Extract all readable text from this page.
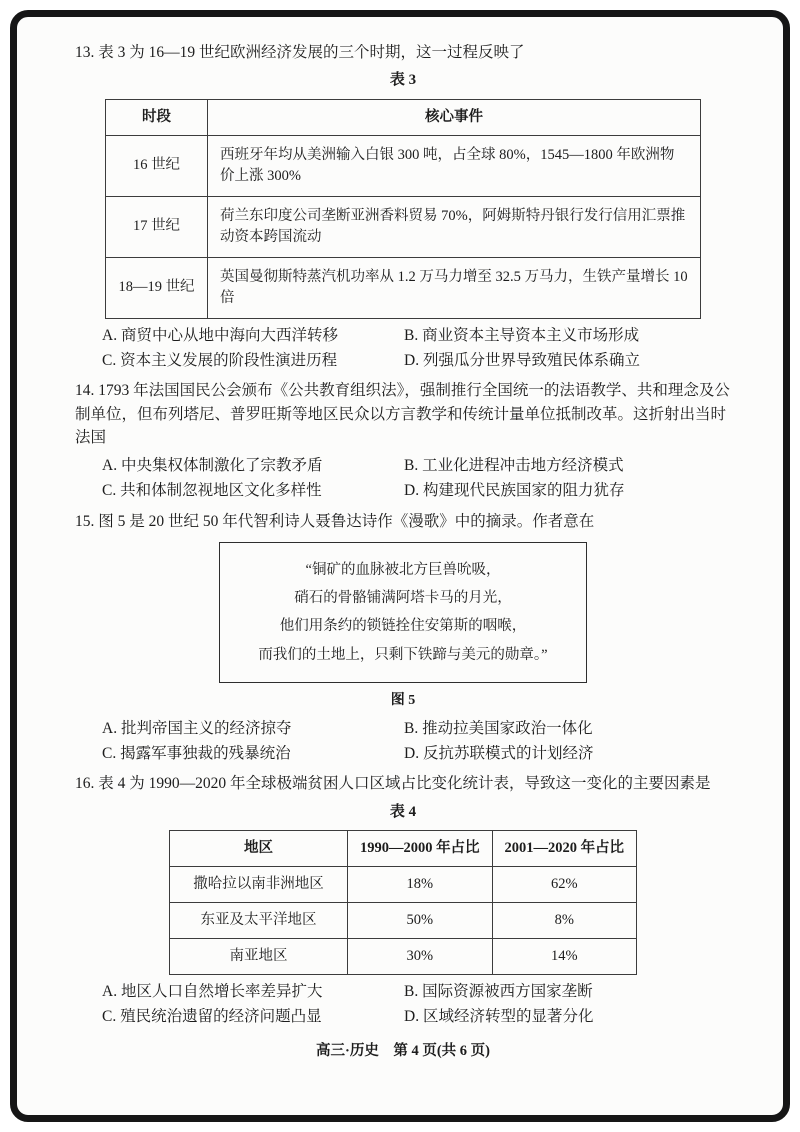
13. 表 3 为 16—19 世纪欧洲经济发展的三个时期，这一过程反映了

表 3
时段	核心事件
16 世纪	西班牙年均从美洲输入白银 300 吨，占全球 80%，1545—1800 年欧洲物价上涨 300%
17 世纪	荷兰东印度公司垄断亚洲香料贸易 70%，阿姆斯特丹银行发行信用汇票推动资本跨国流动
18—19 世纪	英国曼彻斯特蒸汽机功率从 1.2 万马力增至 32.5 万马力，生铁产量增长 10 倍
A. 商贸中心从地中海向大西洋转移	B. 商业资本主导资本主义市场形成
C. 资本主义发展的阶段性演进历程	D. 列强瓜分世界导致殖民体系确立

14. 1793 年法国国民公会颁布《公共教育组织法》，强制推行全国统一的法语教学、共和理念及公制单位，但布列塔尼、普罗旺斯等地区民众以方言教学和传统计量单位抵制改革。这折射出当时法国

A. 中央集权体制激化了宗教矛盾	B. 工业化进程冲击地方经济模式
C. 共和体制忽视地区文化多样性	D. 构建现代民族国家的阻力犹存

15. 图 5 是 20 世纪 50 年代智利诗人聂鲁达诗作《漫歌》中的摘录。作者意在

“铜矿的血脉被北方巨兽吮吸，
硝石的骨骼铺满阿塔卡马的月光，
他们用条约的锁链拴住安第斯的咽喉，
而我们的土地上，只剩下铁蹄与美元的勋章。”
图 5
A. 批判帝国主义的经济掠夺	B. 推动拉美国家政治一体化
C. 揭露军事独裁的残暴统治	D. 反抗苏联模式的计划经济

16. 表 4 为 1990—2020 年全球极端贫困人口区域占比变化统计表，导致这一变化的主要因素是

表 4
地区	1990—2000 年占比	2001—2020 年占比
撒哈拉以南非洲地区	18%	62%
东亚及太平洋地区	50%	8%
南亚地区	30%	14%
A. 地区人口自然增长率差异扩大	B. 国际资源被西方国家垄断
C. 殖民统治遗留的经济问题凸显	D. 区域经济转型的显著分化
高三·历史　第 4 页(共 6 页)
